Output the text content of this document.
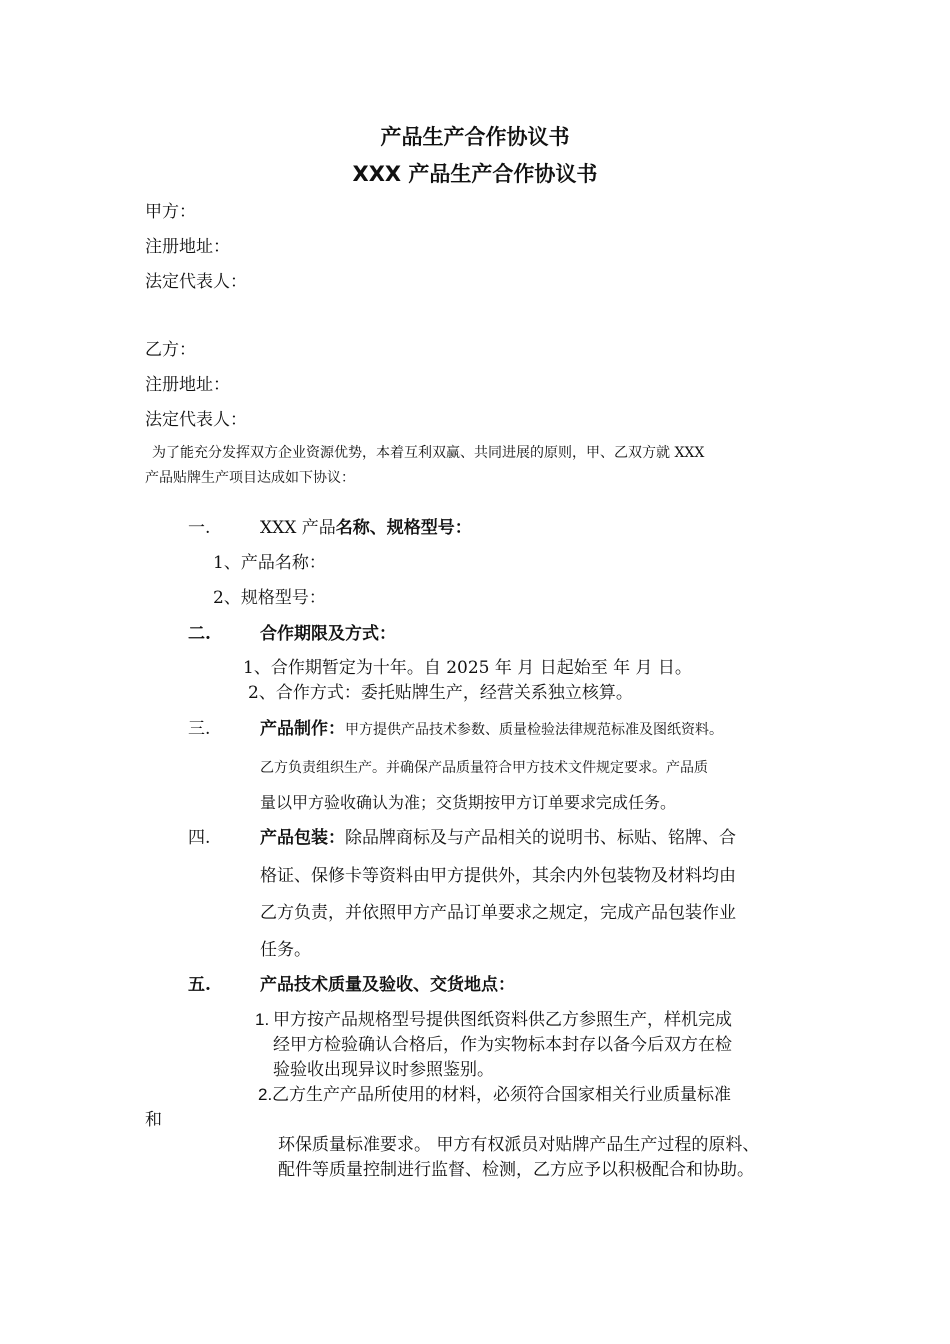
产品生产合作协议书
XXX 产品生产合作协议书
甲方：
注册地址：
法定代表人：
乙方：
注册地址：
法定代表人：
为了能充分发挥双方企业资源优势，本着互利双赢、共同进展的原则，甲、乙双方就 XXX
产品贴牌生产项目达成如下协议：
一.	XXX 产品名称、规格型号：
1、产品名称：
2、规格型号：
二.	合作期限及方式：
1、合作期暂定为十年。自 2025 年 月 日起始至 年 月 日。
2、合作方式：委托贴牌生产，经营关系独立核算。
三.	产品制作：甲方提供产品技术参数、质量检验法律规范标准及图纸资料。
乙方负责组织生产。并确保产品质量符合甲方技术文件规定要求。产品质
量以甲方验收确认为准；交货期按甲方订单要求完成任务。
四.	产品包装：除品牌商标及与产品相关的说明书、标贴、铭牌、合
格证、保修卡等资料由甲方提供外，其余内外包装物及材料均由
乙方负责，并依照甲方产品订单要求之规定，完成产品包装作业
任务。
五.	产品技术质量及验收、交货地点：
1. 甲方按产品规格型号提供图纸资料供乙方参照生产，样机完成
经甲方检验确认合格后，作为实物标本封存以备今后双方在检
验验收出现异议时参照鉴别。
2. 乙方生产产品所使用的材料，必须符合国家相关行业质量标准
和
环保质量标准要求。 甲方有权派员对贴牌产品生产过程的原料、
配件等质量控制进行监督、检测，乙方应予以积极配合和协助。
